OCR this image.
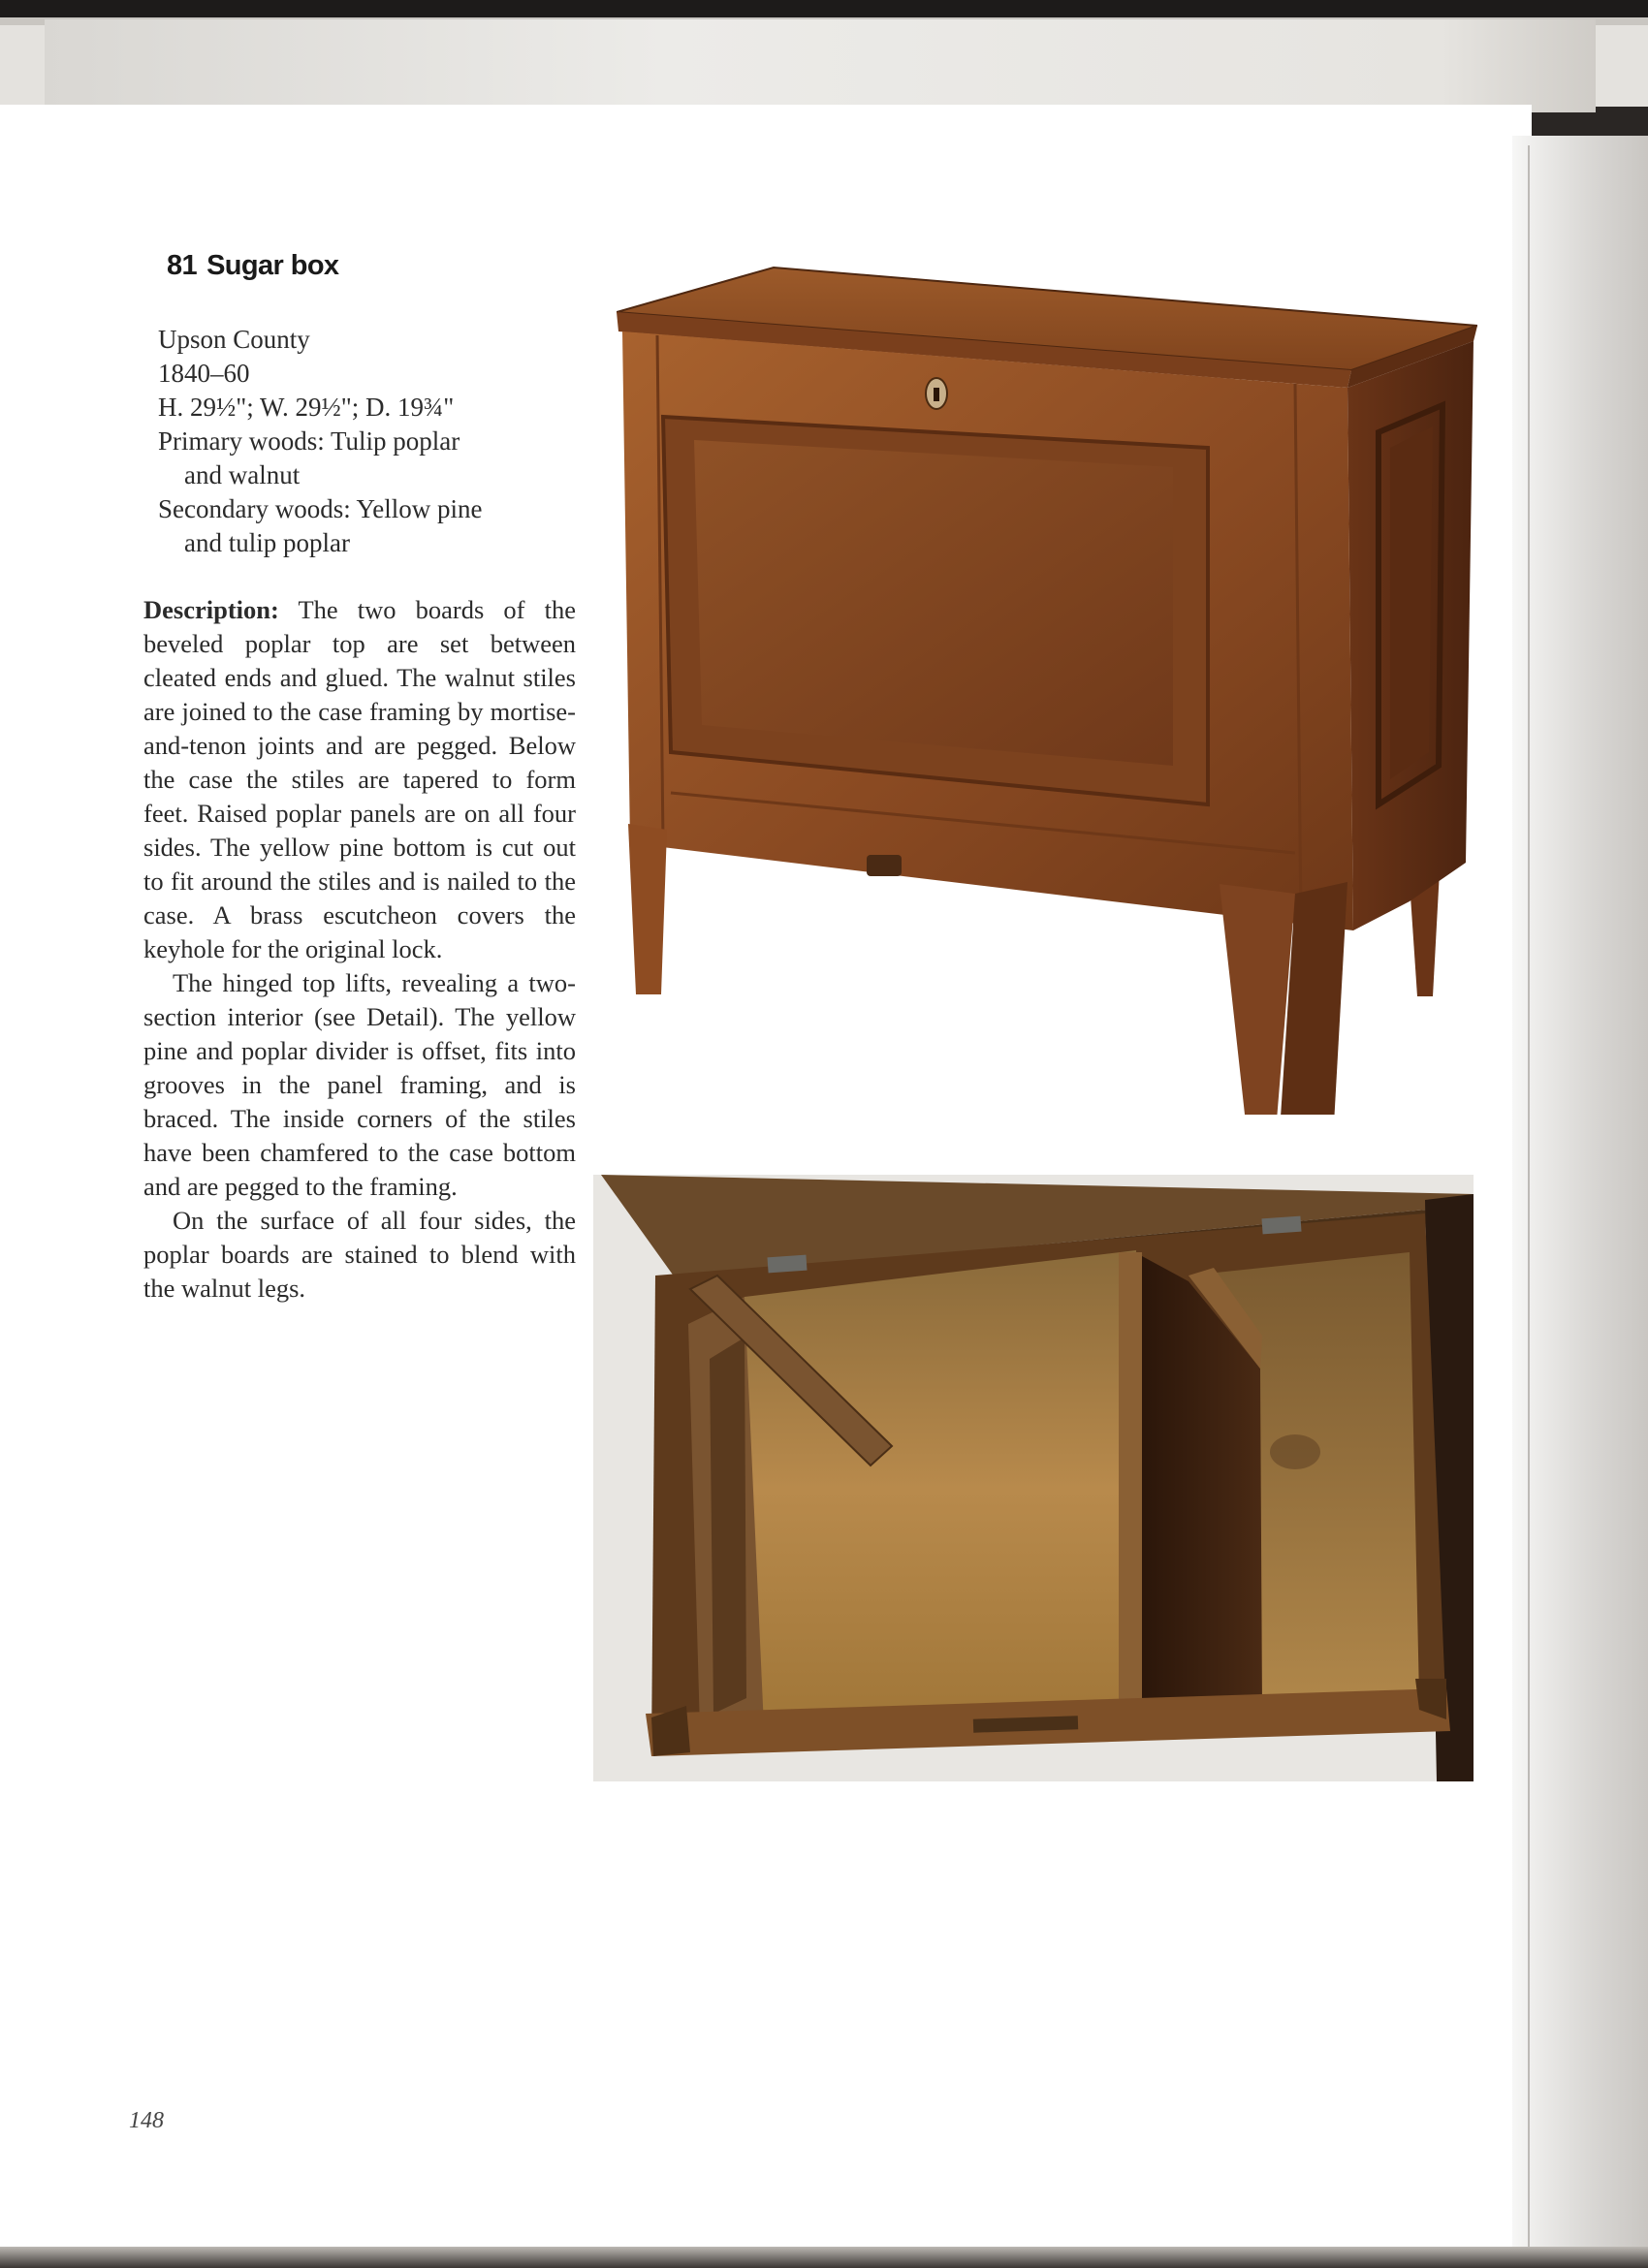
81 Sugar box
Upson County
1840–60
H. 29½"; W. 29½"; D. 19¾"
Primary woods: Tulip poplar
and walnut
Secondary woods: Yellow pine
and tulip poplar

Description: The two boards of the beveled poplar top are set between cleated ends and glued. The walnut stiles are joined to the case framing by mortise-and-tenon joints and are pegged. Below the case the stiles are tapered to form feet. Raised poplar panels are on all four sides. The yellow pine bottom is cut out to fit around the stiles and is nailed to the case. A brass escutcheon covers the keyhole for the original lock.

The hinged top lifts, revealing a two-section interior (see Detail). The yellow pine and poplar divider is offset, fits into grooves in the panel framing, and is braced. The inside corners of the stiles have been chamfered to the case bottom and are pegged to the framing.

On the surface of all four sides, the poplar boards are stained to blend with the walnut legs.

148
